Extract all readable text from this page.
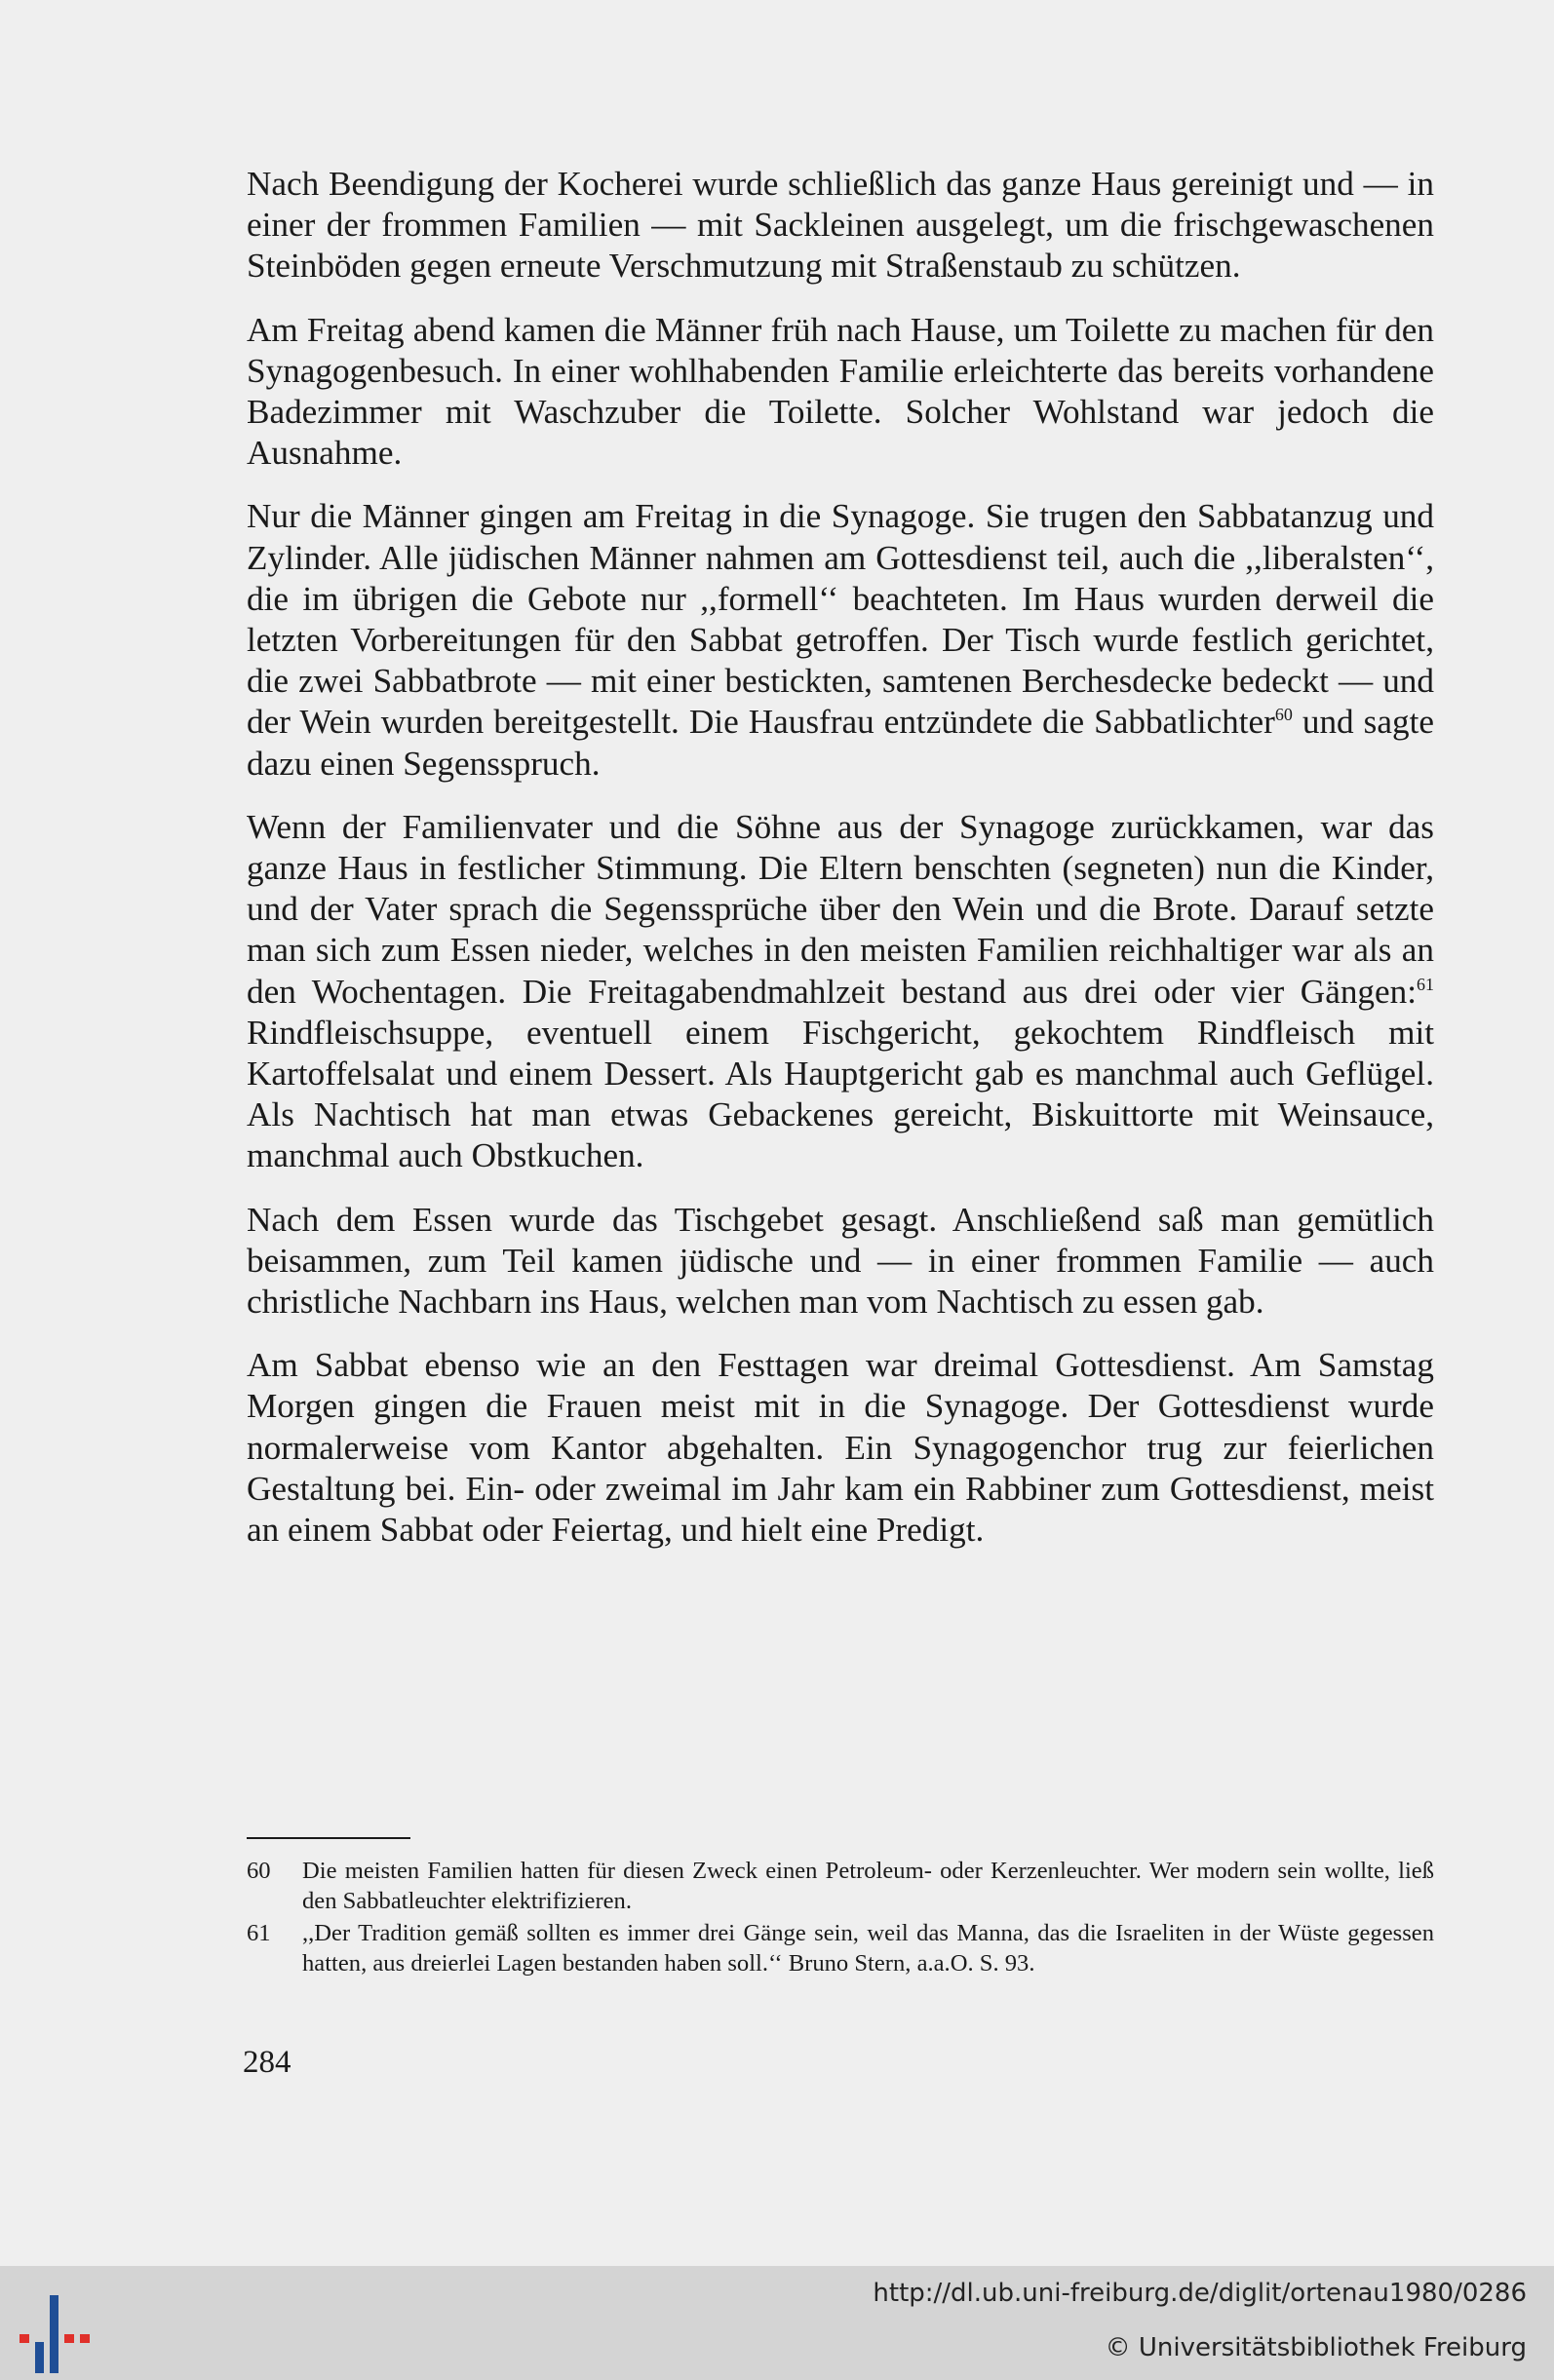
Nach Beendigung der Kocherei wurde schließlich das ganze Haus gereinigt und — in einer der frommen Familien — mit Sackleinen ausgelegt, um die frischgewaschenen Steinböden gegen erneute Verschmutzung mit Straßenstaub zu schützen.

Am Freitag abend kamen die Männer früh nach Hause, um Toilette zu machen für den Synagogenbesuch. In einer wohlhabenden Familie erleichterte das bereits vorhandene Badezimmer mit Waschzuber die Toilette. Solcher Wohlstand war jedoch die Ausnahme.

Nur die Männer gingen am Freitag in die Synagoge. Sie trugen den Sabbatanzug und Zylinder. Alle jüdischen Männer nahmen am Gottesdienst teil, auch die ,,liberalsten‘‘, die im übrigen die Gebote nur ,,formell‘‘ beachteten. Im Haus wurden derweil die letzten Vorbereitungen für den Sabbat getroffen. Der Tisch wurde festlich gerichtet, die zwei Sabbatbrote — mit einer bestickten, samtenen Berchesdecke bedeckt — und der Wein wurden bereitgestellt. Die Hausfrau entzündete die Sabbatlichter$^{60}$ und sagte dazu einen Segensspruch.

Wenn der Familienvater und die Söhne aus der Synagoge zurückkamen, war das ganze Haus in festlicher Stimmung. Die Eltern benschten (segneten) nun die Kinder, und der Vater sprach die Segenssprüche über den Wein und die Brote. Darauf setzte man sich zum Essen nieder, welches in den meisten Familien reichhaltiger war als an den Wochentagen. Die Freitagabendmahlzeit bestand aus drei oder vier Gängen:$^{61}$ Rindfleischsuppe, eventuell einem Fischgericht, gekochtem Rindfleisch mit Kartoffelsalat und einem Dessert. Als Hauptgericht gab es manchmal auch Geflügel. Als Nachtisch hat man etwas Gebackenes gereicht, Biskuittorte mit Weinsauce, manchmal auch Obstkuchen.

Nach dem Essen wurde das Tischgebet gesagt. Anschließend saß man gemütlich beisammen, zum Teil kamen jüdische und — in einer frommen Familie — auch christliche Nachbarn ins Haus, welchen man vom Nachtisch zu essen gab.

Am Sabbat ebenso wie an den Festtagen war dreimal Gottesdienst. Am Samstag Morgen gingen die Frauen meist mit in die Synagoge. Der Gottesdienst wurde normalerweise vom Kantor abgehalten. Ein Synagogenchor trug zur feierlichen Gestaltung bei. Ein- oder zweimal im Jahr kam ein Rabbiner zum Gottesdienst, meist an einem Sabbat oder Feiertag, und hielt eine Predigt.

60	Die meisten Familien hatten für diesen Zweck einen Petroleum- oder Kerzenleuchter. Wer modern sein wollte, ließ den Sabbatleuchter elektrifizieren.
61	,,Der Tradition gemäß sollten es immer drei Gänge sein, weil das Manna, das die Israeliten in der Wüste gegessen hatten, aus dreierlei Lagen bestanden haben soll.‘‘ Bruno Stern, a.a.O. S. 93.
284
http://dl.ub.uni-freiburg.de/diglit/ortenau1980/0286
© Universitätsbibliothek Freiburg
